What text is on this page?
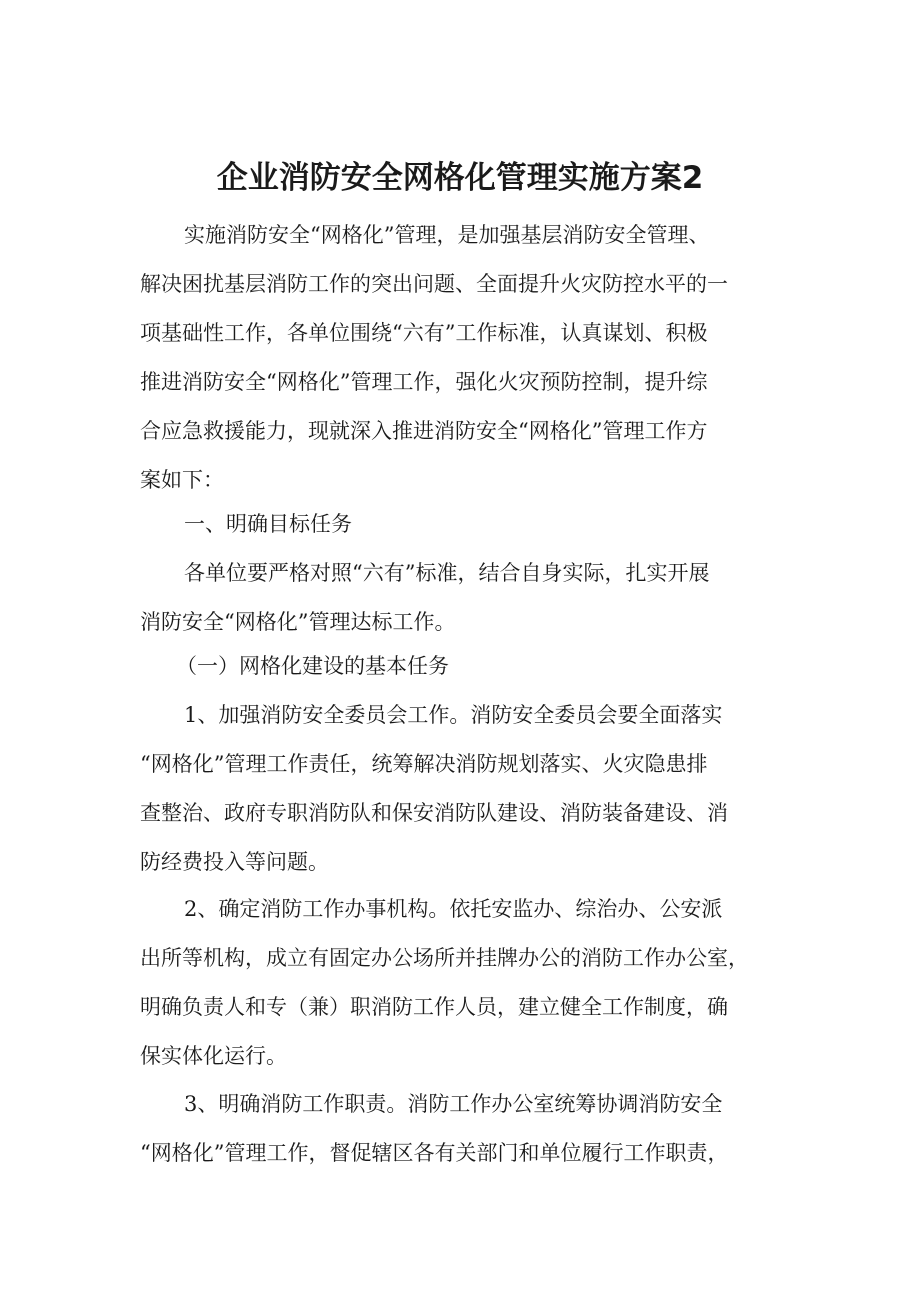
企业消防安全网格化管理实施方案2
实施消防安全“网格化”管理，是加强基层消防安全管理、
解决困扰基层消防工作的突出问题、全面提升火灾防控水平的一
项基础性工作，各单位围绕“六有”工作标准，认真谋划、积极
推进消防安全“网格化”管理工作，强化火灾预防控制，提升综
合应急救援能力，现就深入推进消防安全“网格化”管理工作方
案如下：
一、明确目标任务
各单位要严格对照“六有”标准，结合自身实际，扎实开展
消防安全“网格化”管理达标工作。
（一）网格化建设的基本任务
1、加强消防安全委员会工作。消防安全委员会要全面落实
“网格化”管理工作责任，统筹解决消防规划落实、火灾隐患排
查整治、政府专职消防队和保安消防队建设、消防装备建设、消
防经费投入等问题。
2、确定消防工作办事机构。依托安监办、综治办、公安派
出所等机构，成立有固定办公场所并挂牌办公的消防工作办公室，
明确负责人和专（兼）职消防工作人员，建立健全工作制度，确
保实体化运行。
3、明确消防工作职责。消防工作办公室统筹协调消防安全
“网格化”管理工作，督促辖区各有关部门和单位履行工作职责，
